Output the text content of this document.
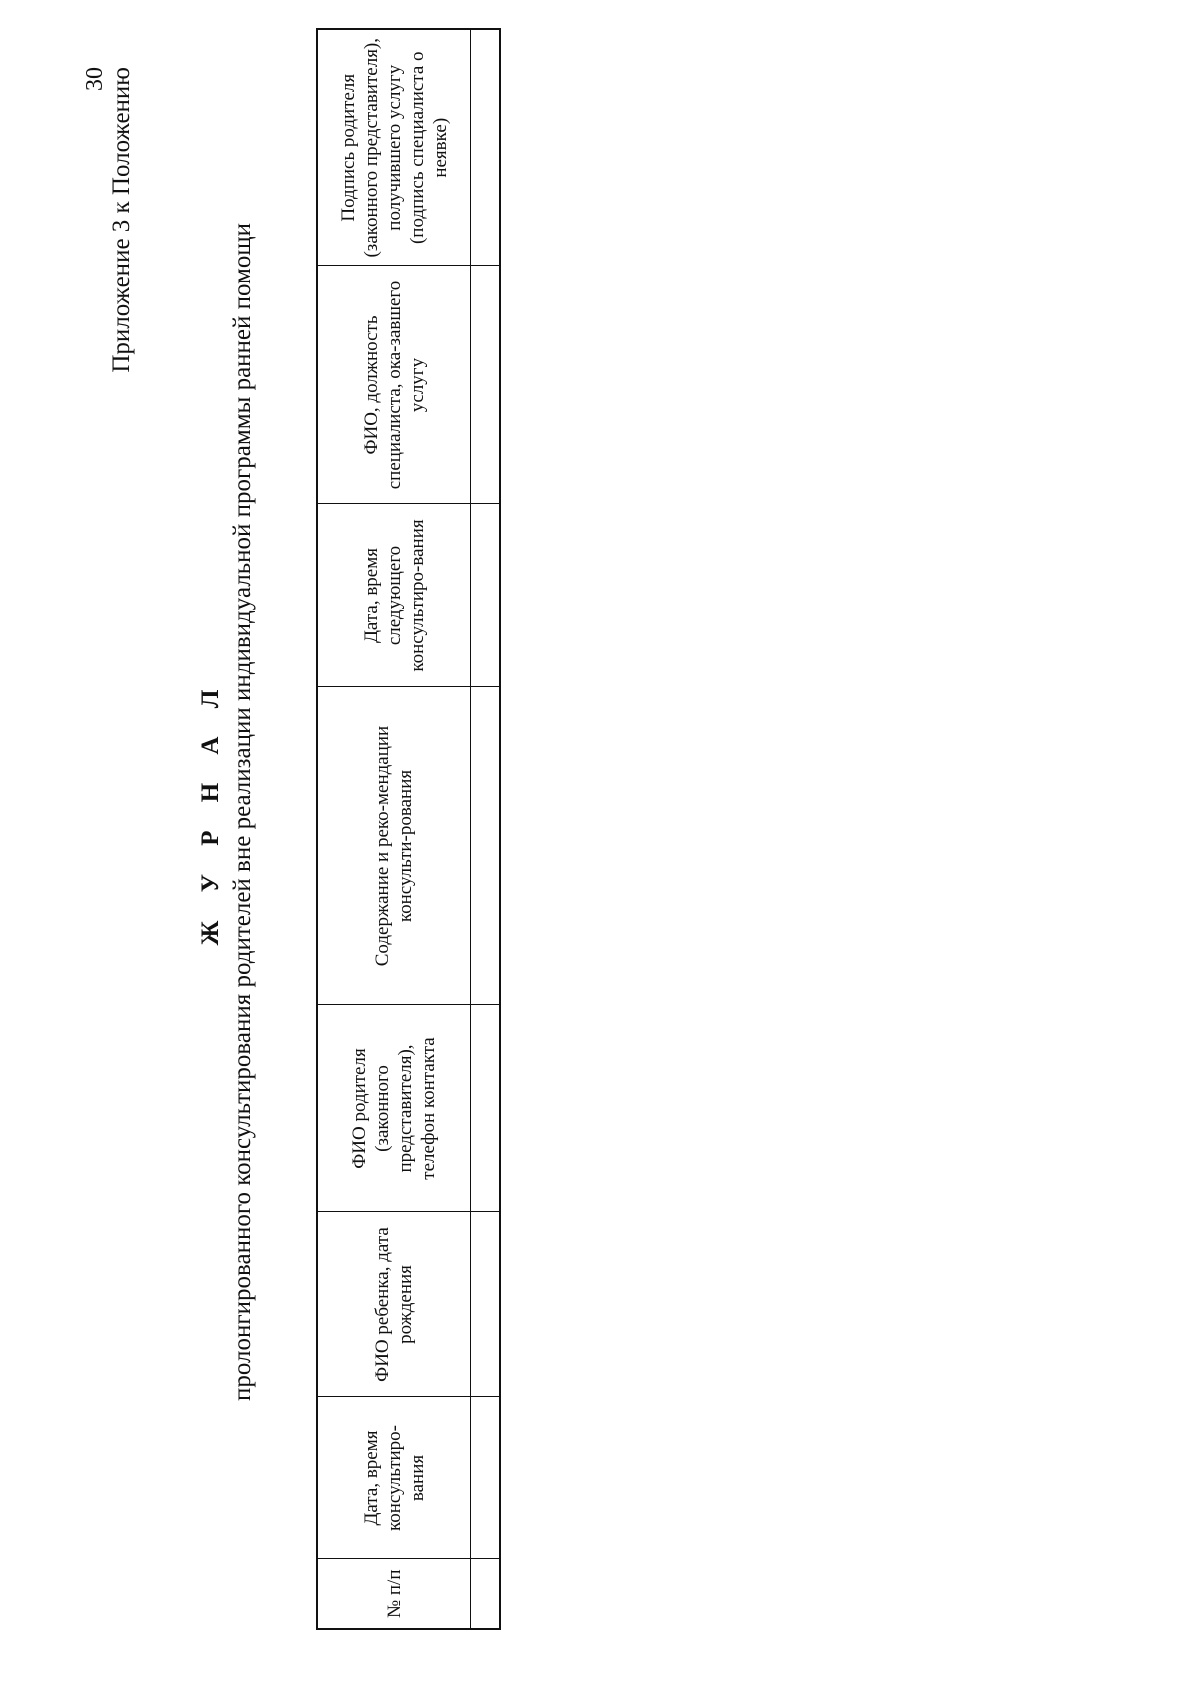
30 Приложение 3 к Положению
Ж У Р Н А Л пролонгированного консультирования родителей вне реализации индивидуальной программы ранней помощи
№ п/п	Дата, время консультиро-вания	ФИО ребенка, дата рождения	ФИО родителя (законного представителя), телефон контакта	Содержание и реко-мендации консульти-рования	Дата, время следующего консультиро-вания	ФИО, должность специалиста, ока-завшего услугу	Подпись родителя (законного представителя), получившего услугу (подпись специалиста о неявке)
